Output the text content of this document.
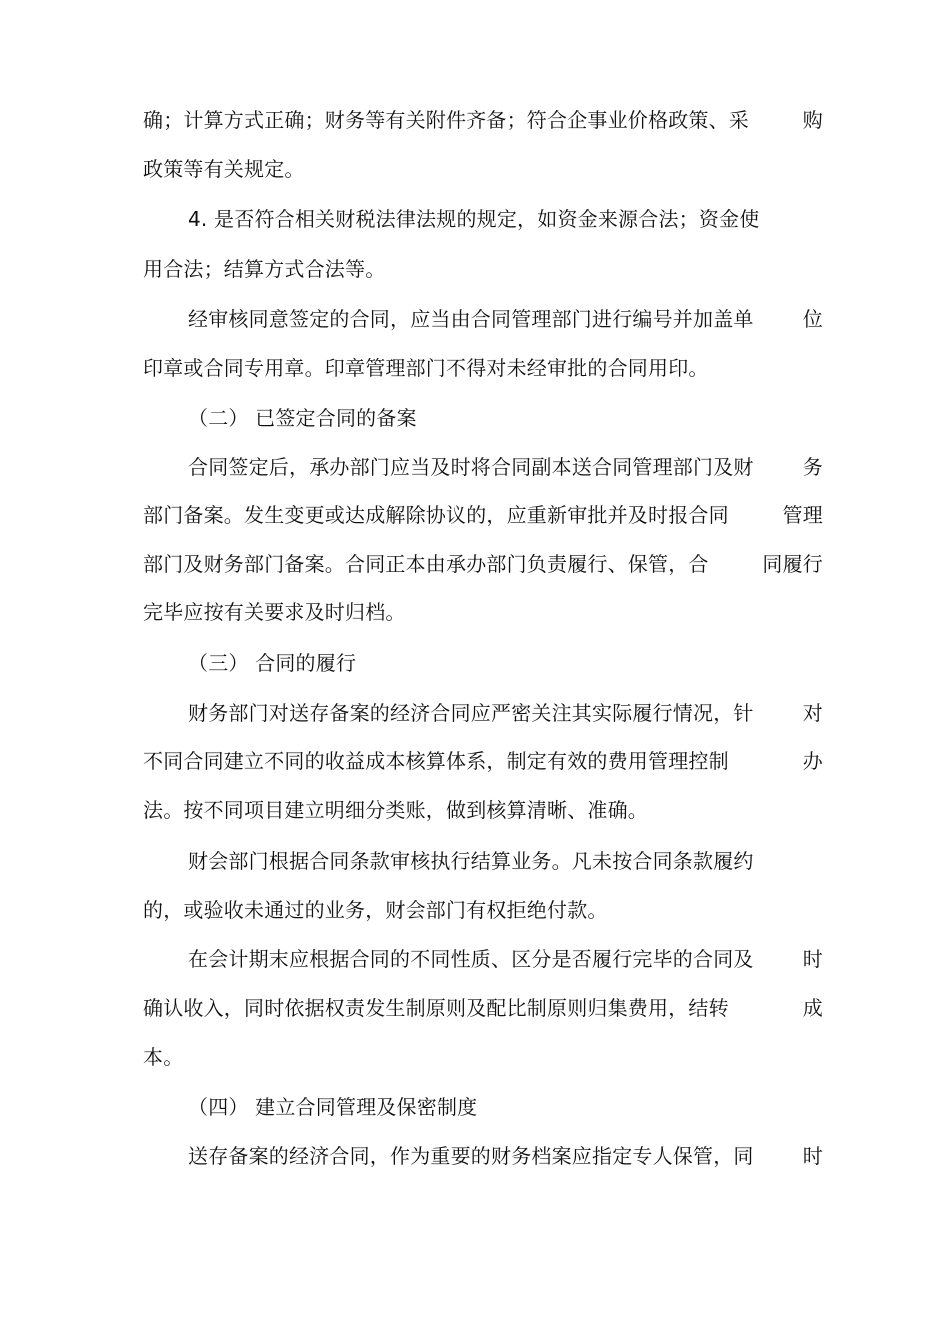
确；计算方式正确；财务等有关附件齐备；符合企事业价格政策、采	购
政策等有关规定。
4. 是否符合相关财税法律法规的规定，如资金来源合法；资金使
用合法；结算方式合法等。
经审核同意签定的合同，应当由合同管理部门进行编号并加盖单 位
印章或合同专用章。印章管理部门不得对未经审批的合同用印。
（二） 已签定合同的备案
合同签定后，承办部门应当及时将合同副本送合同管理部门及财 务
部门备案。发生变更或达成解除协议的，应重新审批并及时报合同	管理
部门及财务部门备案。合同正本由承办部门负责履行、保管，合	同履行
完毕应按有关要求及时归档。
（三） 合同的履行
财务部门对送存备案的经济合同应严密关注其实际履行情况，针 对
不同合同建立不同的收益成本核算体系，制定有效的费用管理控制	办
法。按不同项目建立明细分类账，做到核算清晰、准确。
财会部门根据合同条款审核执行结算业务。凡未按合同条款履约
的，或验收未通过的业务，财会部门有权拒绝付款。
在会计期末应根据合同的不同性质、区分是否履行完毕的合同及 时
确认收入，同时依据权责发生制原则及配比制原则归集费用，结转	成
本。
（四） 建立合同管理及保密制度
送存备案的经济合同，作为重要的财务档案应指定专人保管，同 时
